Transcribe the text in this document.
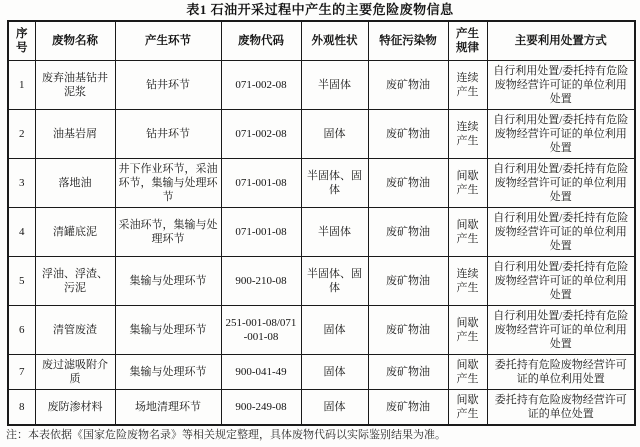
表1 石油开采过程中产生的主要危险废物信息
序号	废物名称	产生环节	废物代码	外观性状	特征污染物	产生规律	主要利用处置方式
1	废弃油基钻井泥浆	钻井环节	071-002-08	半固体	废矿物油	连续产生	自行利用处置/委托持有危险废物经营许可证的单位利用处置
2	油基岩屑	钻井环节	071-002-08	固体	废矿物油	连续产生	自行利用处置/委托持有危险废物经营许可证的单位利用处置
3	落地油	井下作业环节，采油环节，集输与处理环节	071-001-08	半固体、固体	废矿物油	间歇产生	自行利用处置/委托持有危险废物经营许可证的单位利用处置
4	清罐底泥	采油环节，集输与处理环节	071-001-08	半固体	废矿物油	间歇产生	自行利用处置/委托持有危险废物经营许可证的单位利用处置
5	浮油、浮渣、污泥	集输与处理环节	900-210-08	半固体、固体	废矿物油	连续产生	自行利用处置/委托持有危险废物经营许可证的单位利用处置
6	清管废渣	集输与处理环节	251-001-08/071-001-08	固体	废矿物油	间歇产生	自行利用处置/委托持有危险废物经营许可证的单位利用处置
7	废过滤吸附介质	集输与处理环节	900-041-49	固体	废矿物油	间歇产生	委托持有危险废物经营许可证的单位利用处置
8	废防渗材料	场地清理环节	900-249-08	固体	废矿物油	间歇产生	委托持有危险废物经营许可证的单位处置
注：本表依据《国家危险废物名录》等相关规定整理，具体废物代码以实际鉴别结果为准。
